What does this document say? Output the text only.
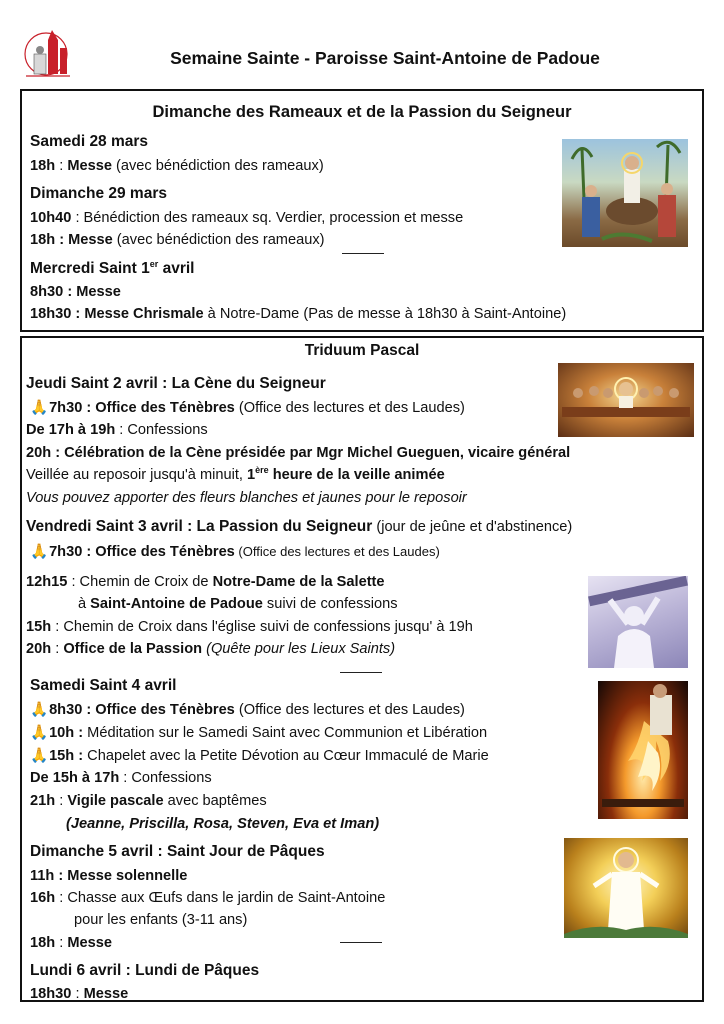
Semaine Sainte - Paroisse Saint-Antoine de Padoue
Dimanche des Rameaux et de la Passion du Seigneur
Samedi 28 mars
18h : Messe (avec bénédiction des rameaux)
Dimanche 29 mars
10h40 : Bénédiction des rameaux sq. Verdier, procession et messe
18h : Messe (avec bénédiction des rameaux)
Mercredi Saint 1er avril
8h30 : Messe
18h30 : Messe Chrismale à Notre-Dame (Pas de messe à 18h30 à Saint-Antoine)
Triduum Pascal
Jeudi Saint 2 avril : La Cène du Seigneur
🙏 7h30 : Office des Ténèbres (Office des lectures et des Laudes)
De 17h à 19h : Confessions
20h : Célébration de la Cène présidée par Mgr Michel Gueguen, vicaire général
Veillée au reposoir jusqu'à minuit, 1ère heure de la veille animée
Vous pouvez apporter des fleurs blanches et jaunes pour le reposoir
Vendredi Saint 3 avril : La Passion du Seigneur (jour de jeûne et d'abstinence)
🙏 7h30 : Office des Ténèbres (Office des lectures et des Laudes)
12h15 : Chemin de Croix de Notre-Dame de la Salette
à Saint-Antoine de Padoue suivi de confessions
15h : Chemin de Croix dans l'église suivi de confessions jusqu' à 19h
20h : Office de la Passion (Quête pour les Lieux Saints)
Samedi Saint 4 avril
🙏 8h30 : Office des Ténèbres (Office des lectures et des Laudes)
🙏 10h : Méditation sur le Samedi Saint avec Communion et Libération
🙏 15h : Chapelet avec la Petite Dévotion au Cœur Immaculé de Marie
De 15h à 17h : Confessions
21h : Vigile pascale avec baptêmes
(Jeanne, Priscilla, Rosa, Steven, Eva et Iman)
Dimanche 5 avril : Saint Jour de Pâques
11h : Messe solennelle
16h : Chasse aux Œufs dans le jardin de Saint-Antoine
pour les enfants (3-11 ans)
18h : Messe
Lundi 6 avril : Lundi de Pâques
18h30 : Messe
